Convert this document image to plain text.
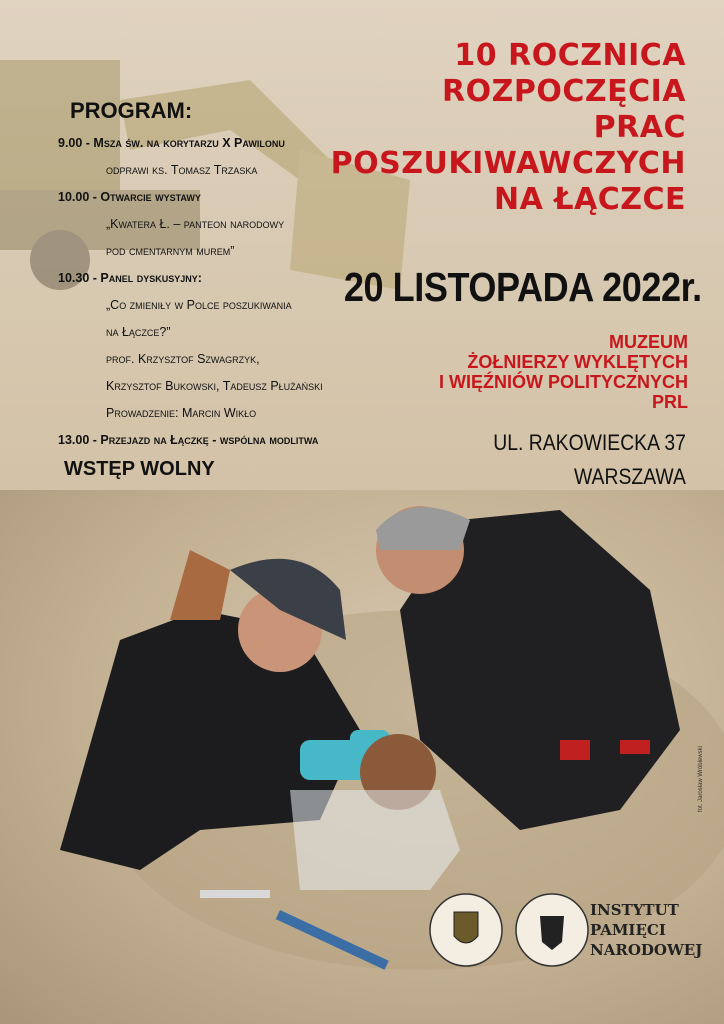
10 ROCZNICA
ROZPOCZĘCIA
PRAC
POSZUKIWAWCZYCH
NA ŁĄCZCE
20 LISTOPADA 2022r.
MUZEUM
ŻOŁNIERZY WYKLĘTYCH
I WIĘŹNIÓW POLITYCZNYCH
PRL
UL. RAKOWIECKA 37
WARSZAWA
PROGRAM:
9.00 - Msza św. na korytarzu X Pawilonu
odprawi ks. Tomasz Trzaska
10.00 - Otwarcie wystawy
„Kwatera Ł. – panteon narodowy
pod cmentarnym murem”
10.30 - Panel dyskusyjny:
„Co zmieniły w Polce poszukiwania
na Łączce?”
prof. Krzysztof Szwagrzyk,
Krzysztof Bukowski, Tadeusz Płużański
Prowadzenie: Marcin Wikło
13.00 - Przejazd na Łączkę - wspólna modlitwa
WSTĘP WOLNY
INSTYTUT
PAMIĘCI
NARODOWEJ
fot. Jarosław Wróblewski
